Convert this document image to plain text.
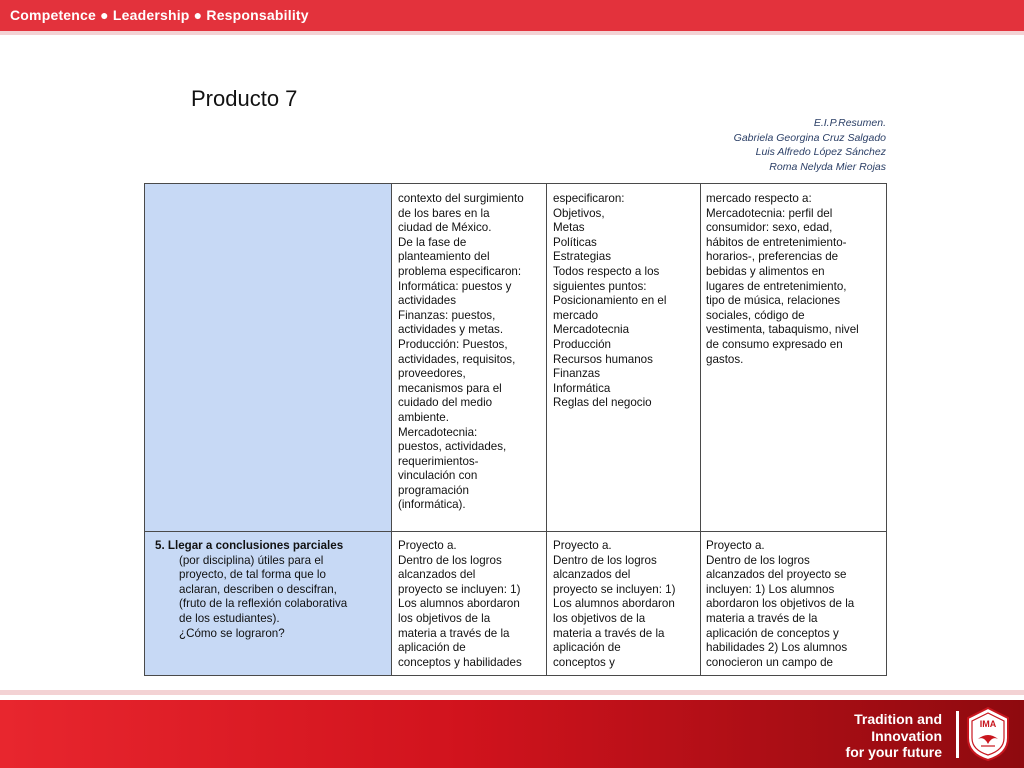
Competence ● Leadership ● Responsability
Producto 7
E.I.P.Resumen.
Gabriela Georgina Cruz Salgado
Luis Alfredo López Sánchez
Roma Nelyda Mier Rojas
contexto del surgimiento
de los bares en la
ciudad de México.
De la fase de
planteamiento del
problema especificaron:
Informática: puestos y
actividades
Finanzas: puestos,
actividades y metas.
Producción: Puestos,
actividades, requisitos,
proveedores,
mecanismos para el
cuidado del medio
ambiente.
Mercadotecnia:
puestos, actividades,
requerimientos-
vinculación con
programación
(informática).
especificaron:
Objetivos,
Metas
Políticas
Estrategias
Todos respecto a los
siguientes puntos:
Posicionamiento en el
mercado
Mercadotecnia
Producción
Recursos humanos
Finanzas
Informática
Reglas del negocio
mercado respecto a:
Mercadotecnia: perfil del
consumidor: sexo, edad,
hábitos de entretenimiento-
horarios-, preferencias de
bebidas y alimentos en
lugares de entretenimiento,
tipo de música, relaciones
sociales, código de
vestimenta, tabaquismo, nivel
de consumo expresado en
gastos.
5. Llegar a conclusiones parciales
(por disciplina) útiles para el
proyecto, de tal forma que lo
aclaran, describen o descifran,
(fruto de la reflexión colaborativa
de los estudiantes).
¿Cómo se lograron?
Proyecto a.
Dentro de los logros
alcanzados del
proyecto se incluyen: 1)
Los alumnos abordaron
los objetivos de la
materia a través de la
aplicación de
conceptos y habilidades
Proyecto a.
Dentro de los logros
alcanzados del
proyecto se incluyen: 1)
Los alumnos abordaron
los objetivos de la
materia a través de la
aplicación de
conceptos y
Proyecto a.
Dentro de los logros
alcanzados del proyecto se
incluyen: 1) Los alumnos
abordaron los objetivos de la
materia a través de la
aplicación de conceptos y
habilidades 2) Los alumnos
conocieron un campo de
Tradition and
Innovation
for your future
IMA
